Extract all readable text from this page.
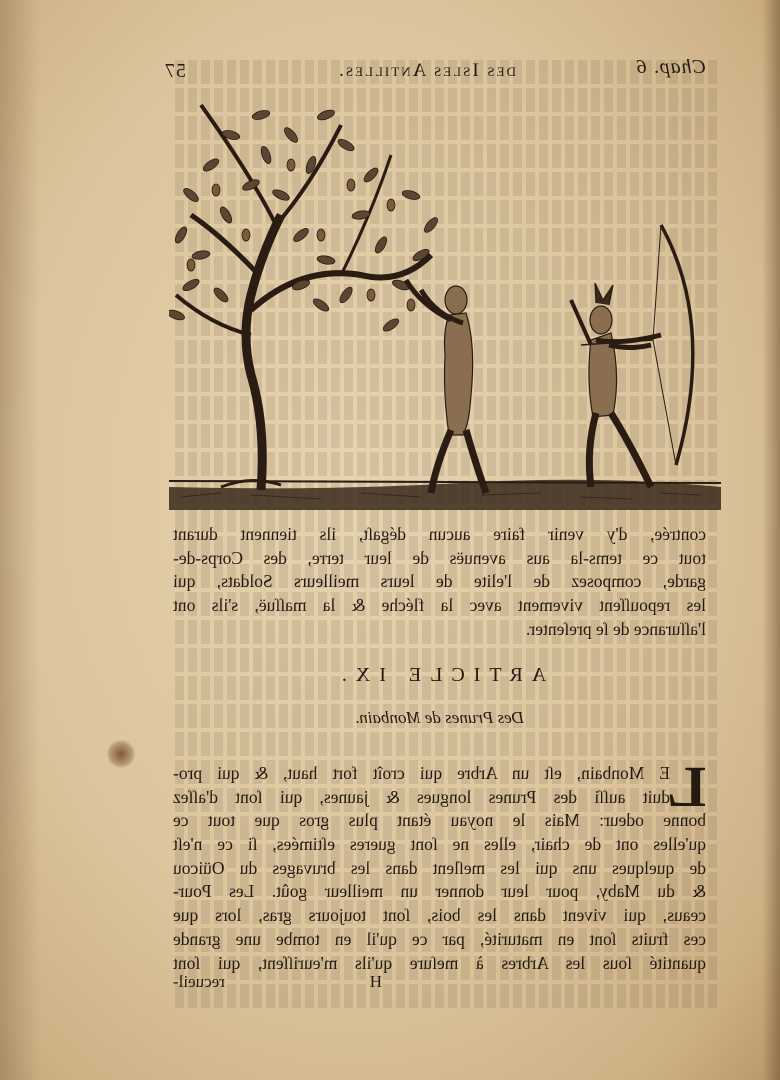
57	des Isles Antilles.	Chap. 6
contrée, d'y venir faire aucun dégaſt, ils tiennent durant
tout ce tems-la aus avenuës de leur terre, des Corps-de-
garde, composez de l'elite de leurs meilleurs Soldats, qui
les repouſſent vivement avec la fléche & la maſſuë, s'ils ont
l'aſſurance de ſe preſenter.
ARTICLE IX.
Des Prunes de Monbain.
L
E Monbain, eſt un Arbre qui croît fort haut, & qui pro-
duit auſſi des Prunes longues & jaunes, qui ſont d'aſſez
bonne odeur: Mais le noyau étant plus gros que tout ce
qu'elles ont de chair, elles ne ſont gueres eſtimées, ſi ce n'eſt
de quelques uns qui les meſlent dans les bruvages du Oüicou
& du Maby, pour leur donner un meilleur goût. Les Pour-
ceaus, qui vivent dans les bois, ſont toujours gras, lors que
ces fruits ſont en maturité, par ce qu'il en tombe une grande
quantité ſous les Arbres à meſure qu'ils m'euriſſent, qui ſont
H
recueil-
